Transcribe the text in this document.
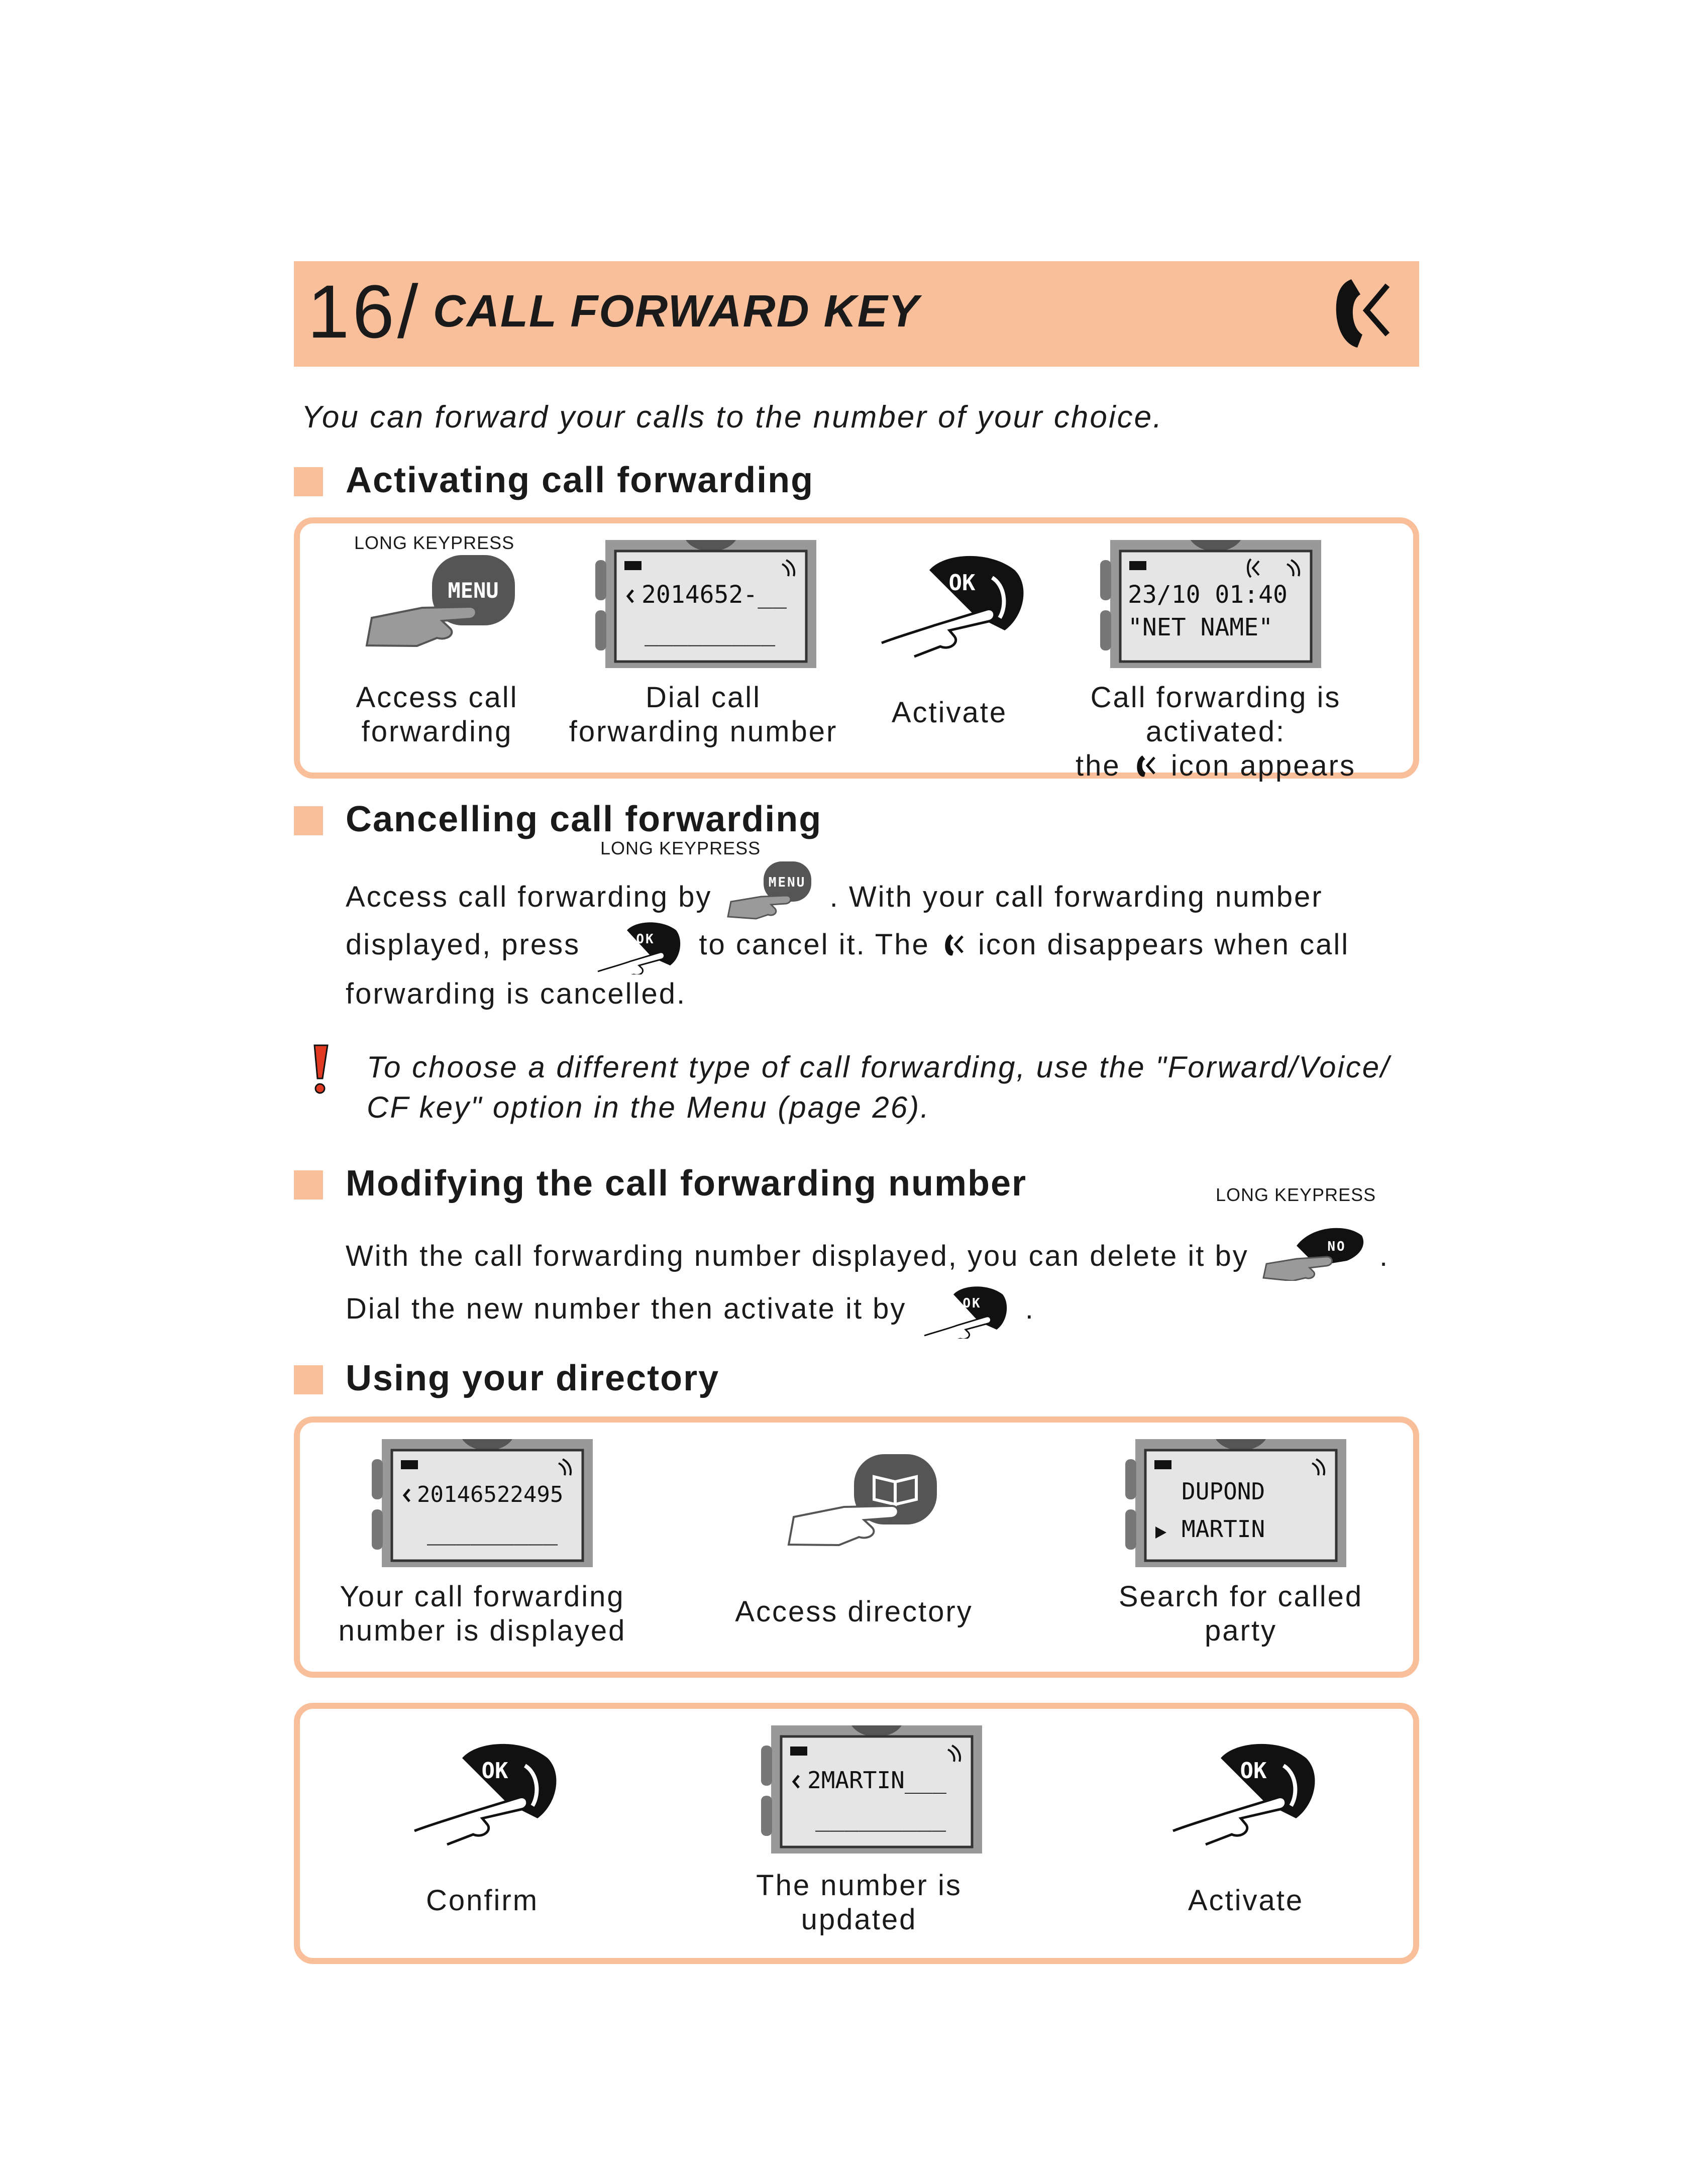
16/ CALL FORWARD KEY
You can forward your calls to the number of your choice.
Activating call forwarding
LONG KEYPRESS
MENU
Access call
forwarding
2014652-__
_________
Dial call
forwarding number
OK
Activate
23/10 01:40
"NET NAME"
Call forwarding is activated:
the icon appears
Cancelling call forwarding
LONG KEYPRESS
Access call forwarding by	MENU . With your call forwarding number
displayed, press	OK to cancel it. The icon disappears when call
forwarding is cancelled.
To choose a different type of call forwarding, use the "Forward/Voice/
CF key" option in the Menu (page 26).
Modifying the call forwarding number	LONG KEYPRESS
With the call forwarding number displayed, you can delete it by	NO .
Dial the new number then activate it by	OK .
Using your directory
20146522495
_________
Your call forwarding
number is displayed
Access directory
DUPOND
MARTIN
Search for called
party
OK
Confirm
2MARTIN___
_________
The number is
updated
OK
Activate
